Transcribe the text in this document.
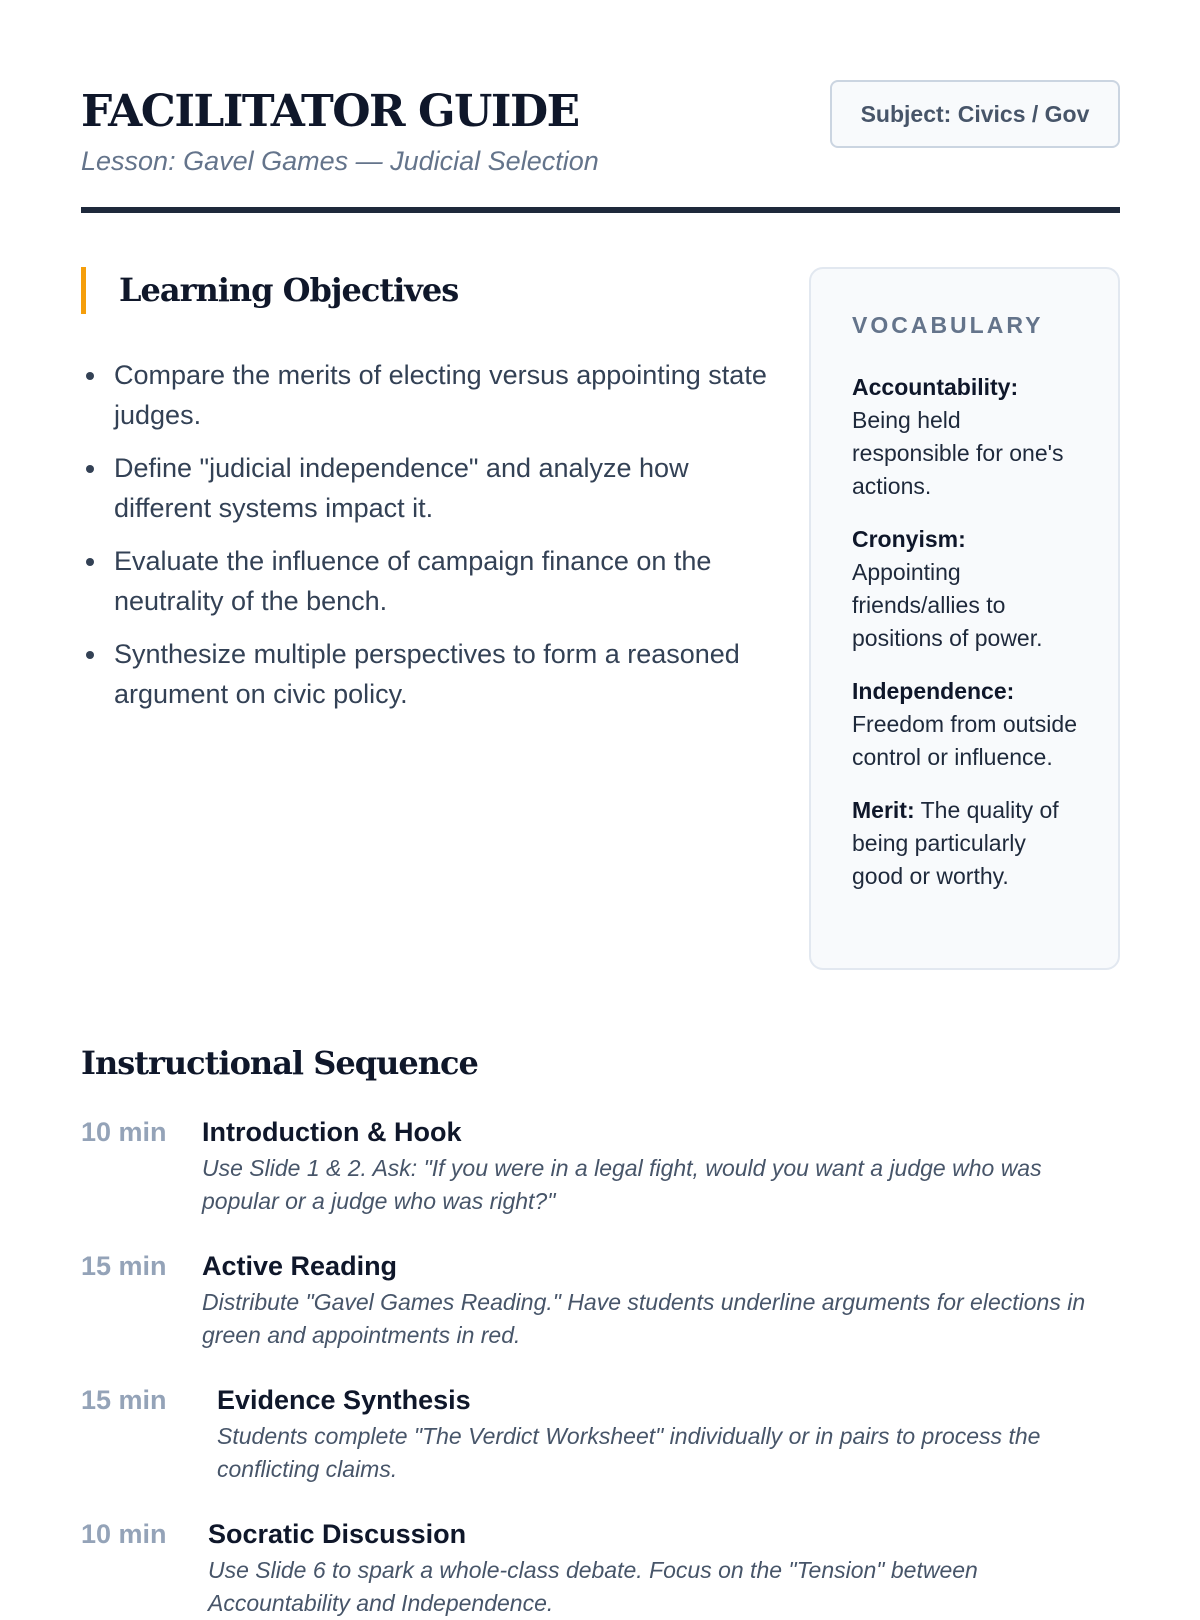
FACILITATOR GUIDE
Lesson: Gavel Games — Judicial Selection
Subject: Civics / Gov
Learning Objectives
Compare the merits of electing versus appointing state judges.
Define "judicial independence" and analyze how different systems impact it.
Evaluate the influence of campaign finance on the neutrality of the bench.
Synthesize multiple perspectives to form a reasoned argument on civic policy.
VOCABULARY

Accountability: Being held responsible for one's actions.

Cronyism: Appointing friends/allies to positions of power.

Independence: Freedom from outside control or influence.

Merit: The quality of being particularly good or worthy.

Instructional Sequence
10 min Introduction & Hook
Use Slide 1 & 2. Ask: "If you were in a legal fight, would you want a judge who was popular or a judge who was right?"
15 min Active Reading
Distribute "Gavel Games Reading." Have students underline arguments for elections in green and appointments in red.
15 min Evidence Synthesis
Students complete "The Verdict Worksheet" individually or in pairs to process the conflicting claims.
10 min Socratic Discussion
Use Slide 6 to spark a whole-class debate. Focus on the "Tension" between Accountability and Independence.
